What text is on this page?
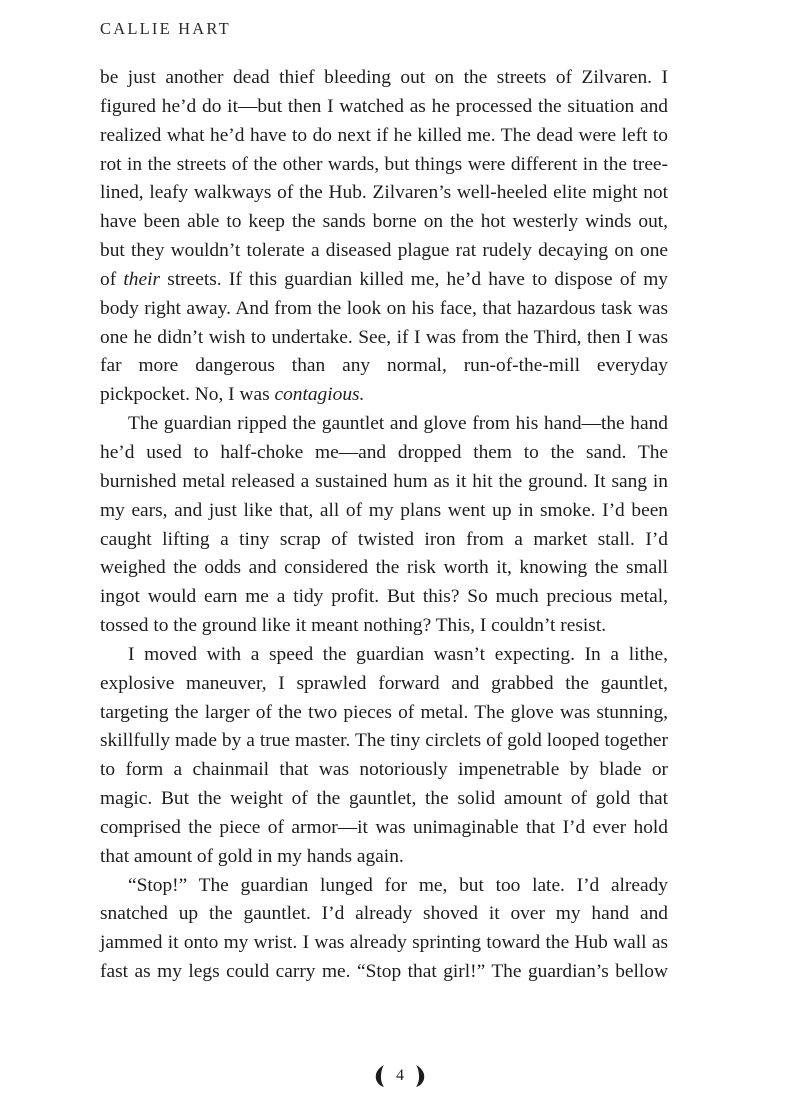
CALLIE HART

be just another dead thief bleeding out on the streets of Zilvaren. I figured he’d do it—but then I watched as he processed the situation and realized what he’d have to do next if he killed me. The dead were left to rot in the streets of the other wards, but things were different in the tree-lined, leafy walkways of the Hub. Zilvaren’s well-heeled elite might not have been able to keep the sands borne on the hot westerly winds out, but they wouldn’t tolerate a diseased plague rat rudely decaying on one of their streets. If this guardian killed me, he’d have to dispose of my body right away. And from the look on his face, that hazardous task was one he didn’t wish to undertake. See, if I was from the Third, then I was far more dangerous than any normal, run-of-the-mill everyday pickpocket. No, I was contagious.

The guardian ripped the gauntlet and glove from his hand—the hand he’d used to half-choke me—and dropped them to the sand. The burnished metal released a sustained hum as it hit the ground. It sang in my ears, and just like that, all of my plans went up in smoke. I’d been caught lifting a tiny scrap of twisted iron from a market stall. I’d weighed the odds and considered the risk worth it, knowing the small ingot would earn me a tidy profit. But this? So much precious metal, tossed to the ground like it meant nothing? This, I couldn’t resist.

I moved with a speed the guardian wasn’t expecting. In a lithe, explosive maneuver, I sprawled forward and grabbed the gauntlet, targeting the larger of the two pieces of metal. The glove was stunning, skillfully made by a true master. The tiny circlets of gold looped together to form a chainmail that was notoriously impenetrable by blade or magic. But the weight of the gauntlet, the solid amount of gold that comprised the piece of armor—it was unimaginable that I’d ever hold that amount of gold in my hands again.

“Stop!” The guardian lunged for me, but too late. I’d already snatched up the gauntlet. I’d already shoved it over my hand and jammed it onto my wrist. I was already sprinting toward the Hub wall as fast as my legs could carry me. “Stop that girl!” The guardian’s bellow

4
